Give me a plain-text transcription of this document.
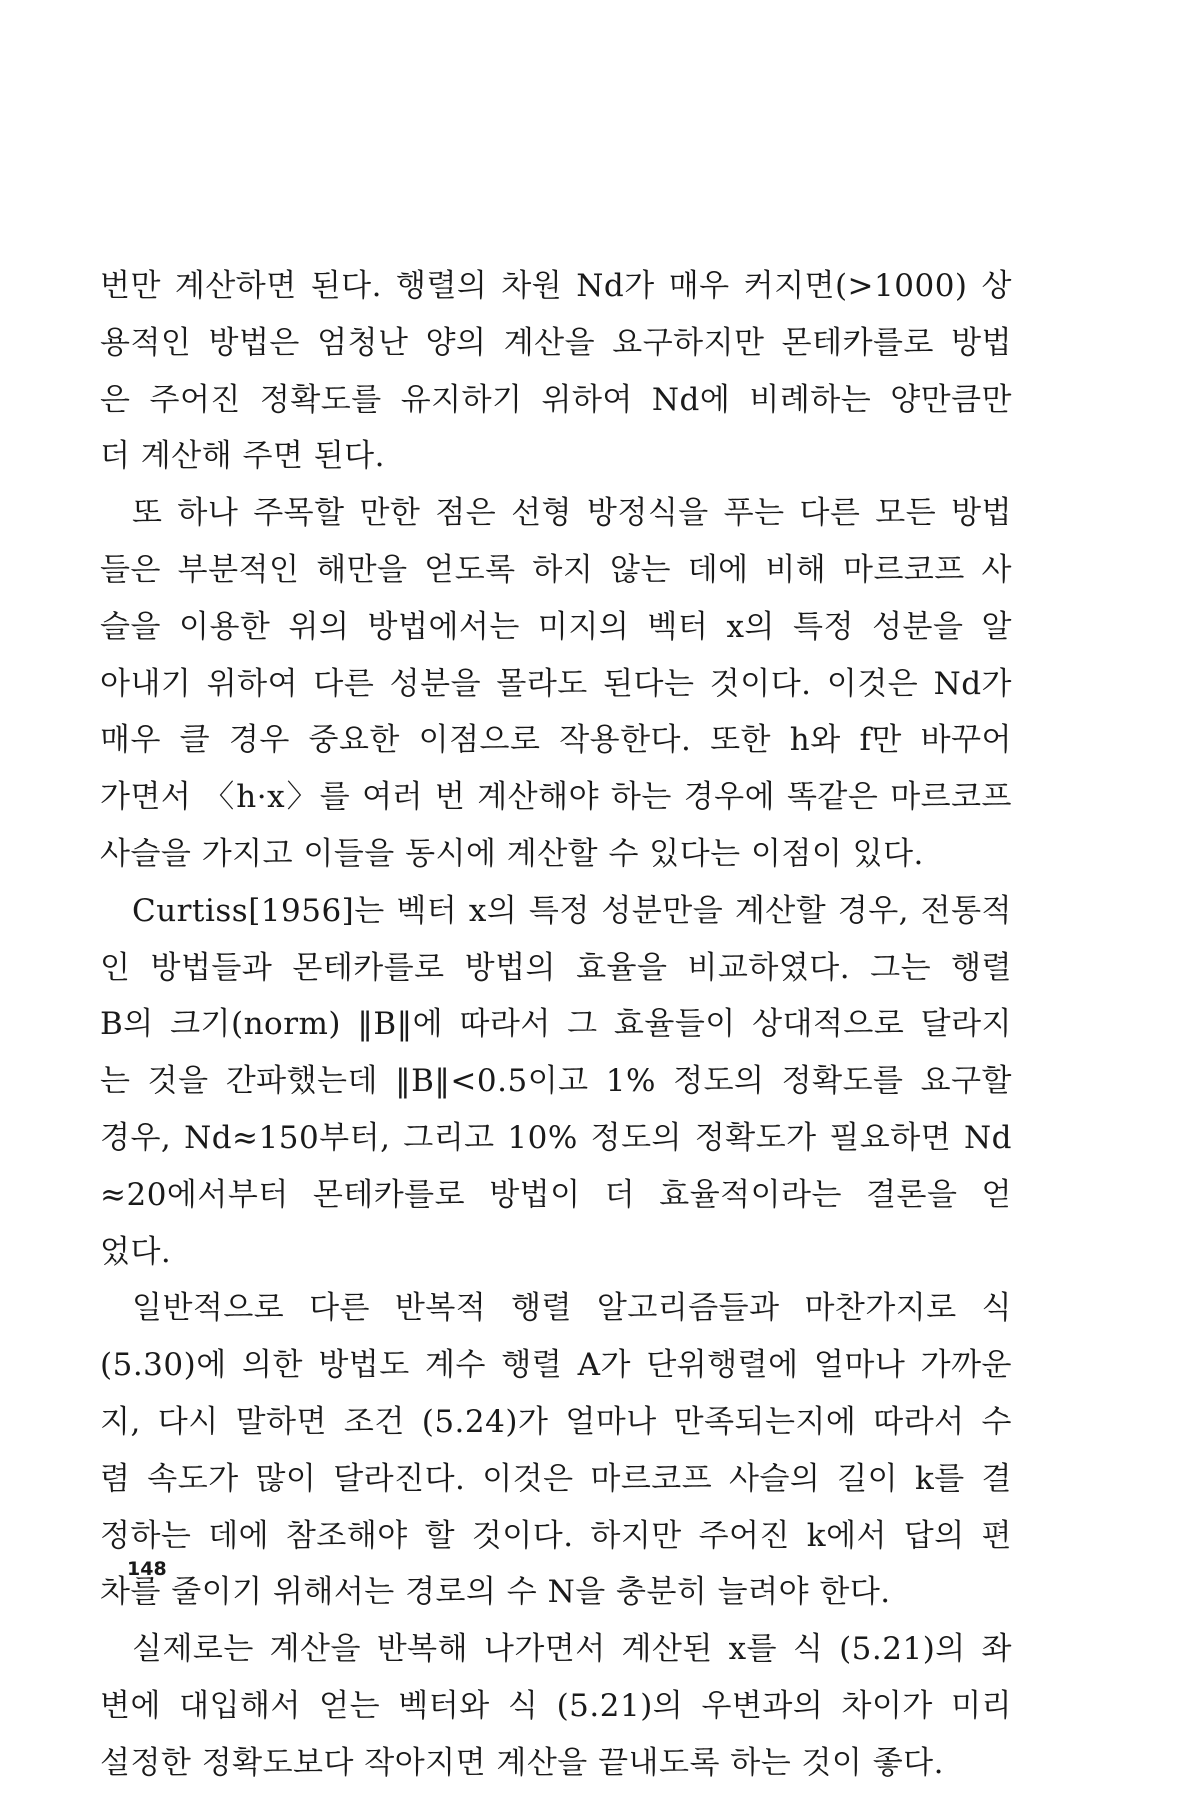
번만 계산하면 된다. 행렬의 차원 Nd가 매우 커지면(>1000) 상
용적인 방법은 엄청난 양의 계산을 요구하지만 몬테카를로 방법
은 주어진 정확도를 유지하기 위하여 Nd에 비례하는 양만큼만
더 계산해 주면 된다.
또 하나 주목할 만한 점은 선형 방정식을 푸는 다른 모든 방법
들은 부분적인 해만을 얻도록 하지 않는 데에 비해 마르코프 사
슬을 이용한 위의 방법에서는 미지의 벡터 x의 특정 성분을 알
아내기 위하여 다른 성분을 몰라도 된다는 것이다. 이것은 Nd가
매우 클 경우 중요한 이점으로 작용한다. 또한 h와 f만 바꾸어
가면서 〈h·x〉를 여러 번 계산해야 하는 경우에 똑같은 마르코프
사슬을 가지고 이들을 동시에 계산할 수 있다는 이점이 있다.
Curtiss[1956]는 벡터 x의 특정 성분만을 계산할 경우, 전통적
인 방법들과 몬테카를로 방법의 효율을 비교하였다. 그는 행렬
B의 크기(norm) ‖B‖에 따라서 그 효율들이 상대적으로 달라지
는 것을 간파했는데 ‖B‖<0.5이고 1% 정도의 정확도를 요구할
경우, Nd≈150부터, 그리고 10% 정도의 정확도가 필요하면 Nd
≈20에서부터 몬테카를로 방법이 더 효율적이라는 결론을 얻
었다.
일반적으로 다른 반복적 행렬 알고리즘들과 마찬가지로 식
(5.30)에 의한 방법도 계수 행렬 A가 단위행렬에 얼마나 가까운
지, 다시 말하면 조건 (5.24)가 얼마나 만족되는지에 따라서 수
렴 속도가 많이 달라진다. 이것은 마르코프 사슬의 길이 k를 결
정하는 데에 참조해야 할 것이다. 하지만 주어진 k에서 답의 편
차를 줄이기 위해서는 경로의 수 N을 충분히 늘려야 한다.
실제로는 계산을 반복해 나가면서 계산된 x를 식 (5.21)의 좌
변에 대입해서 얻는 벡터와 식 (5.21)의 우변과의 차이가 미리
설정한 정확도보다 작아지면 계산을 끝내도록 하는 것이 좋다.
148
